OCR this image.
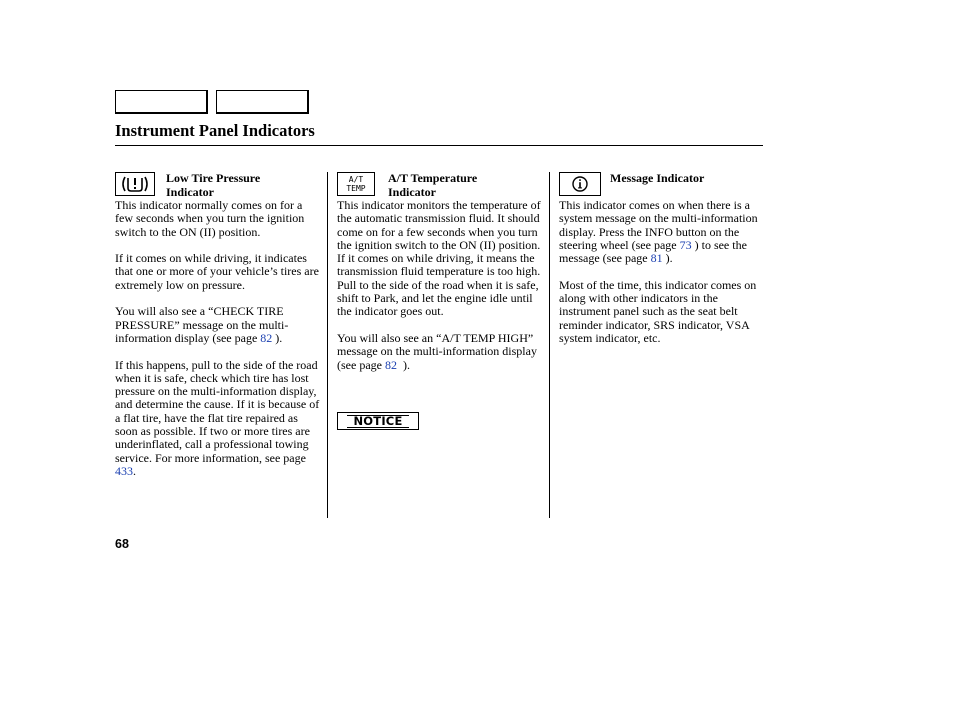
Instrument Panel Indicators
Low Tire Pressure
Indicator

This indicator normally comes on for a few seconds when you turn the ignition switch to the ON (II) position.

If it comes on while driving, it indicates that one or more of your vehicle’s tires are extremely low on pressure.

You will also see a “CHECK TIRE PRESSURE” message on the multi-information display (see page 82 ).

If this happens, pull to the side of the road when it is safe, check which tire has lost pressure on the multi-information display, and determine the cause. If it is because of a flat tire, have the flat tire repaired as soon as possible. If two or more tires are underinflated, call a professional towing service. For more information, see page 433.

A/T
TEMP
A/T Temperature
Indicator

This indicator monitors the temperature of the automatic transmission fluid. It should come on for a few seconds when you turn the ignition switch to the ON (II) position. If it comes on while driving, it means the transmission fluid temperature is too high. Pull to the side of the road when it is safe, shift to Park, and let the engine idle until the indicator goes out.

You will also see an “A/T TEMP HIGH” message on the multi-information display (see page 82 ).

NOTICE
Message Indicator

This indicator comes on when there is a system message on the multi-information display. Press the INFO button on the steering wheel (see page 73 ) to see the message (see page 81 ).

Most of the time, this indicator comes on along with other indicators in the instrument panel such as the seat belt reminder indicator, SRS indicator, VSA system indicator, etc.

68
